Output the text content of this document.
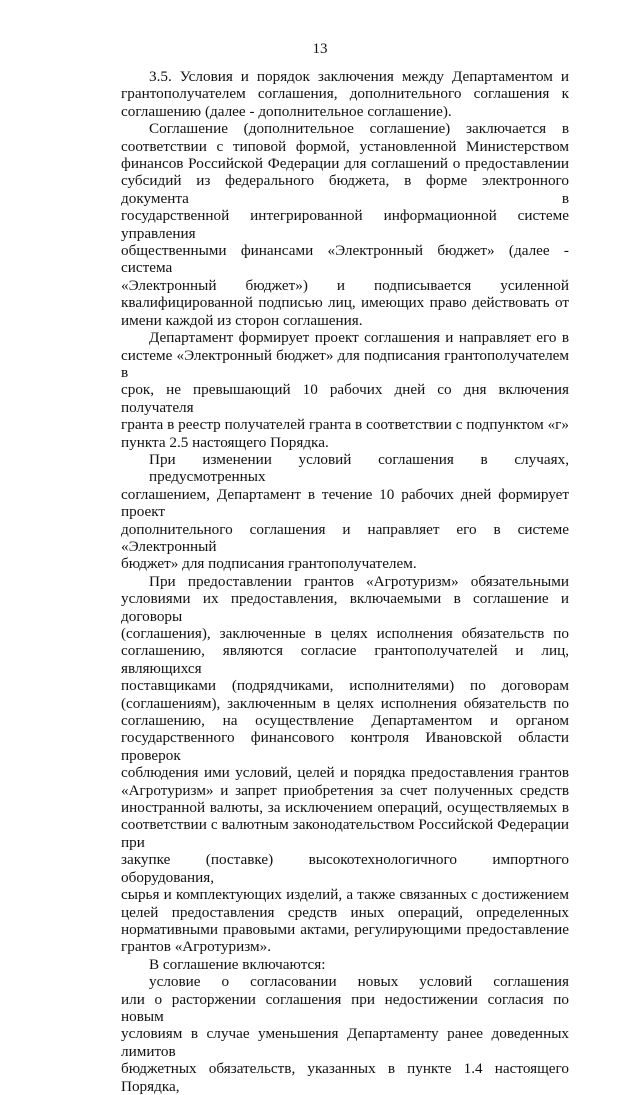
13

3.5. Условия и порядок заключения между Департаментом и

грантополучателем соглашения, дополнительного соглашения к

соглашению (далее - дополнительное соглашение).

Соглашение (дополнительное соглашение) заключается в

соответствии с типовой формой, установленной Министерством

финансов Российской Федерации для соглашений о предоставлении

субсидий из федерального бюджета, в форме электронного документа в

государственной интегрированной информационной системе управления

общественными финансами «Электронный бюджет» (далее - система

«Электронный бюджет») и подписывается усиленной

квалифицированной подписью лиц, имеющих право действовать от

имени каждой из сторон соглашения.

Департамент формирует проект соглашения и направляет его в

системе «Электронный бюджет» для подписания грантополучателем в

срок, не превышающий 10 рабочих дней со дня включения получателя

гранта в реестр получателей гранта в соответствии с подпунктом «г»

пункта 2.5 настоящего Порядка.

При изменении условий соглашения в случаях, предусмотренных

соглашением, Департамент в течение 10 рабочих дней формирует проект

дополнительного соглашения и направляет его в системе «Электронный

бюджет» для подписания грантополучателем.

При предоставлении грантов «Агротуризм» обязательными

условиями их предоставления, включаемыми в соглашение и договоры

(соглашения), заключенные в целях исполнения обязательств по

соглашению, являются согласие грантополучателей и лиц, являющихся

поставщиками (подрядчиками, исполнителями) по договорам

(соглашениям), заключенным в целях исполнения обязательств по

соглашению, на осуществление Департаментом и органом

государственного финансового контроля Ивановской области проверок

соблюдения ими условий, целей и порядка предоставления грантов

«Агротуризм» и запрет приобретения за счет полученных средств

иностранной валюты, за исключением операций, осуществляемых в

соответствии с валютным законодательством Российской Федерации при

закупке (поставке) высокотехнологичного импортного оборудования,

сырья и комплектующих изделий, а также связанных с достижением

целей предоставления средств иных операций, определенных

нормативными правовыми актами, регулирующими предоставление

грантов «Агротуризм».

В соглашение включаются:

условие о согласовании новых условий соглашения

или о расторжении соглашения при недостижении согласия по новым

условиям в случае уменьшения Департаменту ранее доведенных лимитов

бюджетных обязательств, указанных в пункте 1.4 настоящего Порядка,
